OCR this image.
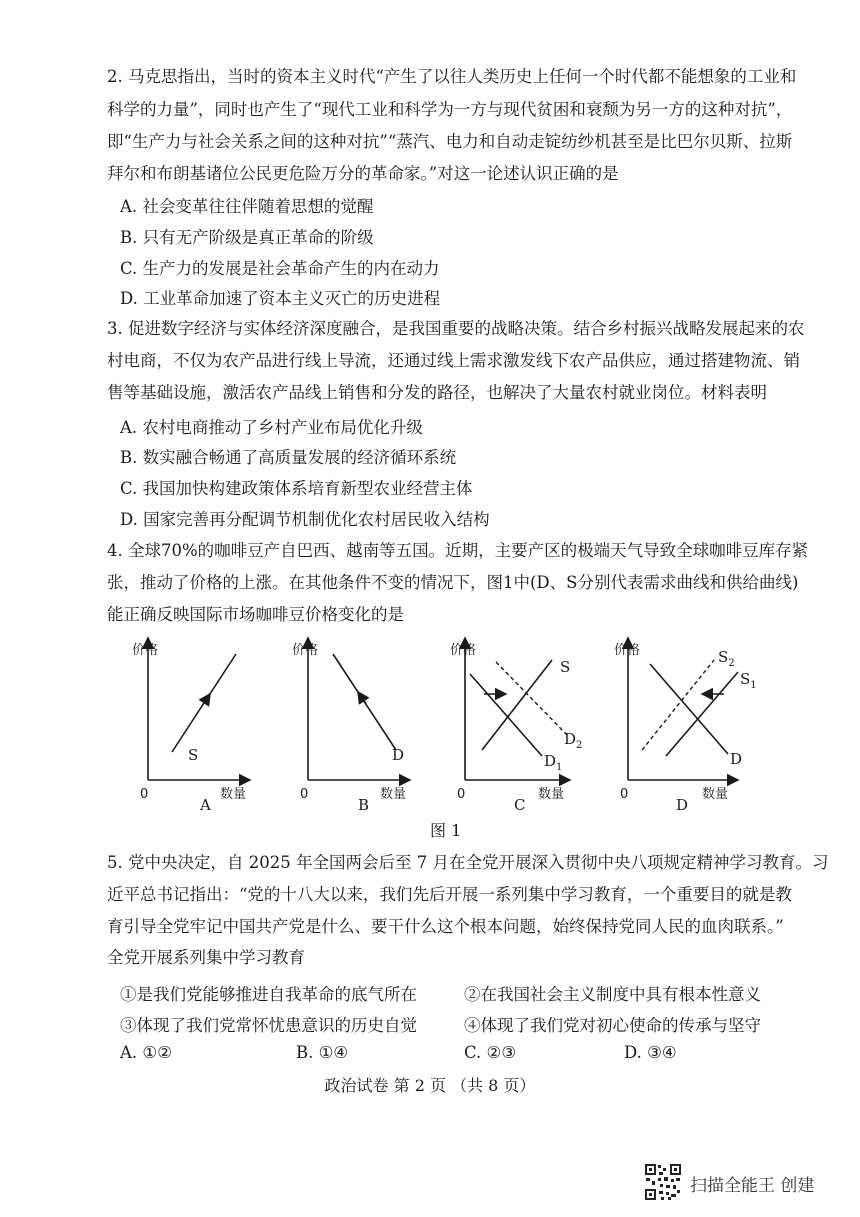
2. 马克思指出，当时的资本主义时代“产生了以往人类历史上任何一个时代都不能想象的工业和
科学的力量”，同时也产生了“现代工业和科学为一方与现代贫困和衰颓为另一方的这种对抗”，
即“生产力与社会关系之间的这种对抗”“蒸汽、电力和自动走锭纺纱机甚至是比巴尔贝斯、拉斯
拜尔和布朗基诸位公民更危险万分的革命家。”对这一论述认识正确的是
A. 社会变革往往伴随着思想的觉醒
B. 只有无产阶级是真正革命的阶级
C. 生产力的发展是社会革命产生的内在动力
D. 工业革命加速了资本主义灭亡的历史进程
3. 促进数字经济与实体经济深度融合，是我国重要的战略决策。结合乡村振兴战略发展起来的农
村电商，不仅为农产品进行线上导流，还通过线上需求激发线下农产品供应，通过搭建物流、销
售等基础设施，激活农产品线上销售和分发的路径，也解决了大量农村就业岗位。材料表明
A. 农村电商推动了乡村产业布局优化升级
B. 数实融合畅通了高质量发展的经济循环系统
C. 我国加快构建政策体系培育新型农业经营主体
D. 国家完善再分配调节机制优化农村居民收入结构
4. 全球70%的咖啡豆产自巴西、越南等五国。近期，主要产区的极端天气导致全球咖啡豆库存紧
张，推动了价格的上涨。在其他条件不变的情况下，图1中(D、S分别代表需求曲线和供给曲线)
能正确反映国际市场咖啡豆价格变化的是
价格
数量
0
S
A
价格
数量
0
D
B
价格
数量
0
S
$D_2$
$D_1$
C
价格
数量
0
$S_2$
$S_1$
D
D
图 1
5. 党中央决定，自 2025 年全国两会后至 7 月在全党开展深入贯彻中央八项规定精神学习教育。习
近平总书记指出：“党的十八大以来，我们先后开展一系列集中学习教育，一个重要目的就是教
育引导全党牢记中国共产党是什么、要干什么这个根本问题，始终保持党同人民的血肉联系。”
全党开展系列集中学习教育
①是我们党能够推进自我革命的底气所在	②在我国社会主义制度中具有根本性意义
③体现了我们党常怀忧患意识的历史自觉	④体现了我们党对初心使命的传承与坚守
A. ①②	B. ①④	C. ②③	D. ③④
政治试卷 第 2 页 （共 8 页）
扫描全能王 创建
